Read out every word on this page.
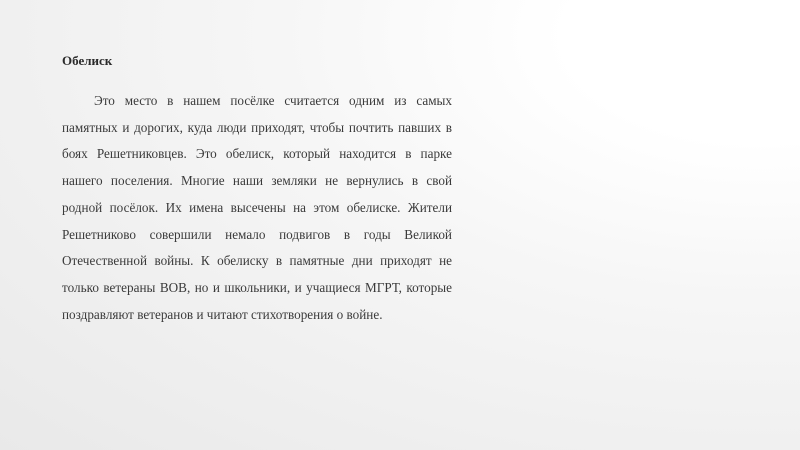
Обелиск

Это место в нашем посёлке считается одним из самых памятных и дорогих, куда люди приходят, чтобы почтить павших в боях Решетниковцев. Это обелиск, который находится в парке нашего поселения. Многие наши земляки не вернулись в свой родной посёлок. Их имена высечены на этом обелиске. Жители Решетниково совершили немало подвигов в годы Великой Отечественной войны. К обелиску в памятные дни приходят не только ветераны ВОВ, но и школьники, и учащиеся МГРТ, которые поздравляют ветеранов и читают стихотворения о войне.
